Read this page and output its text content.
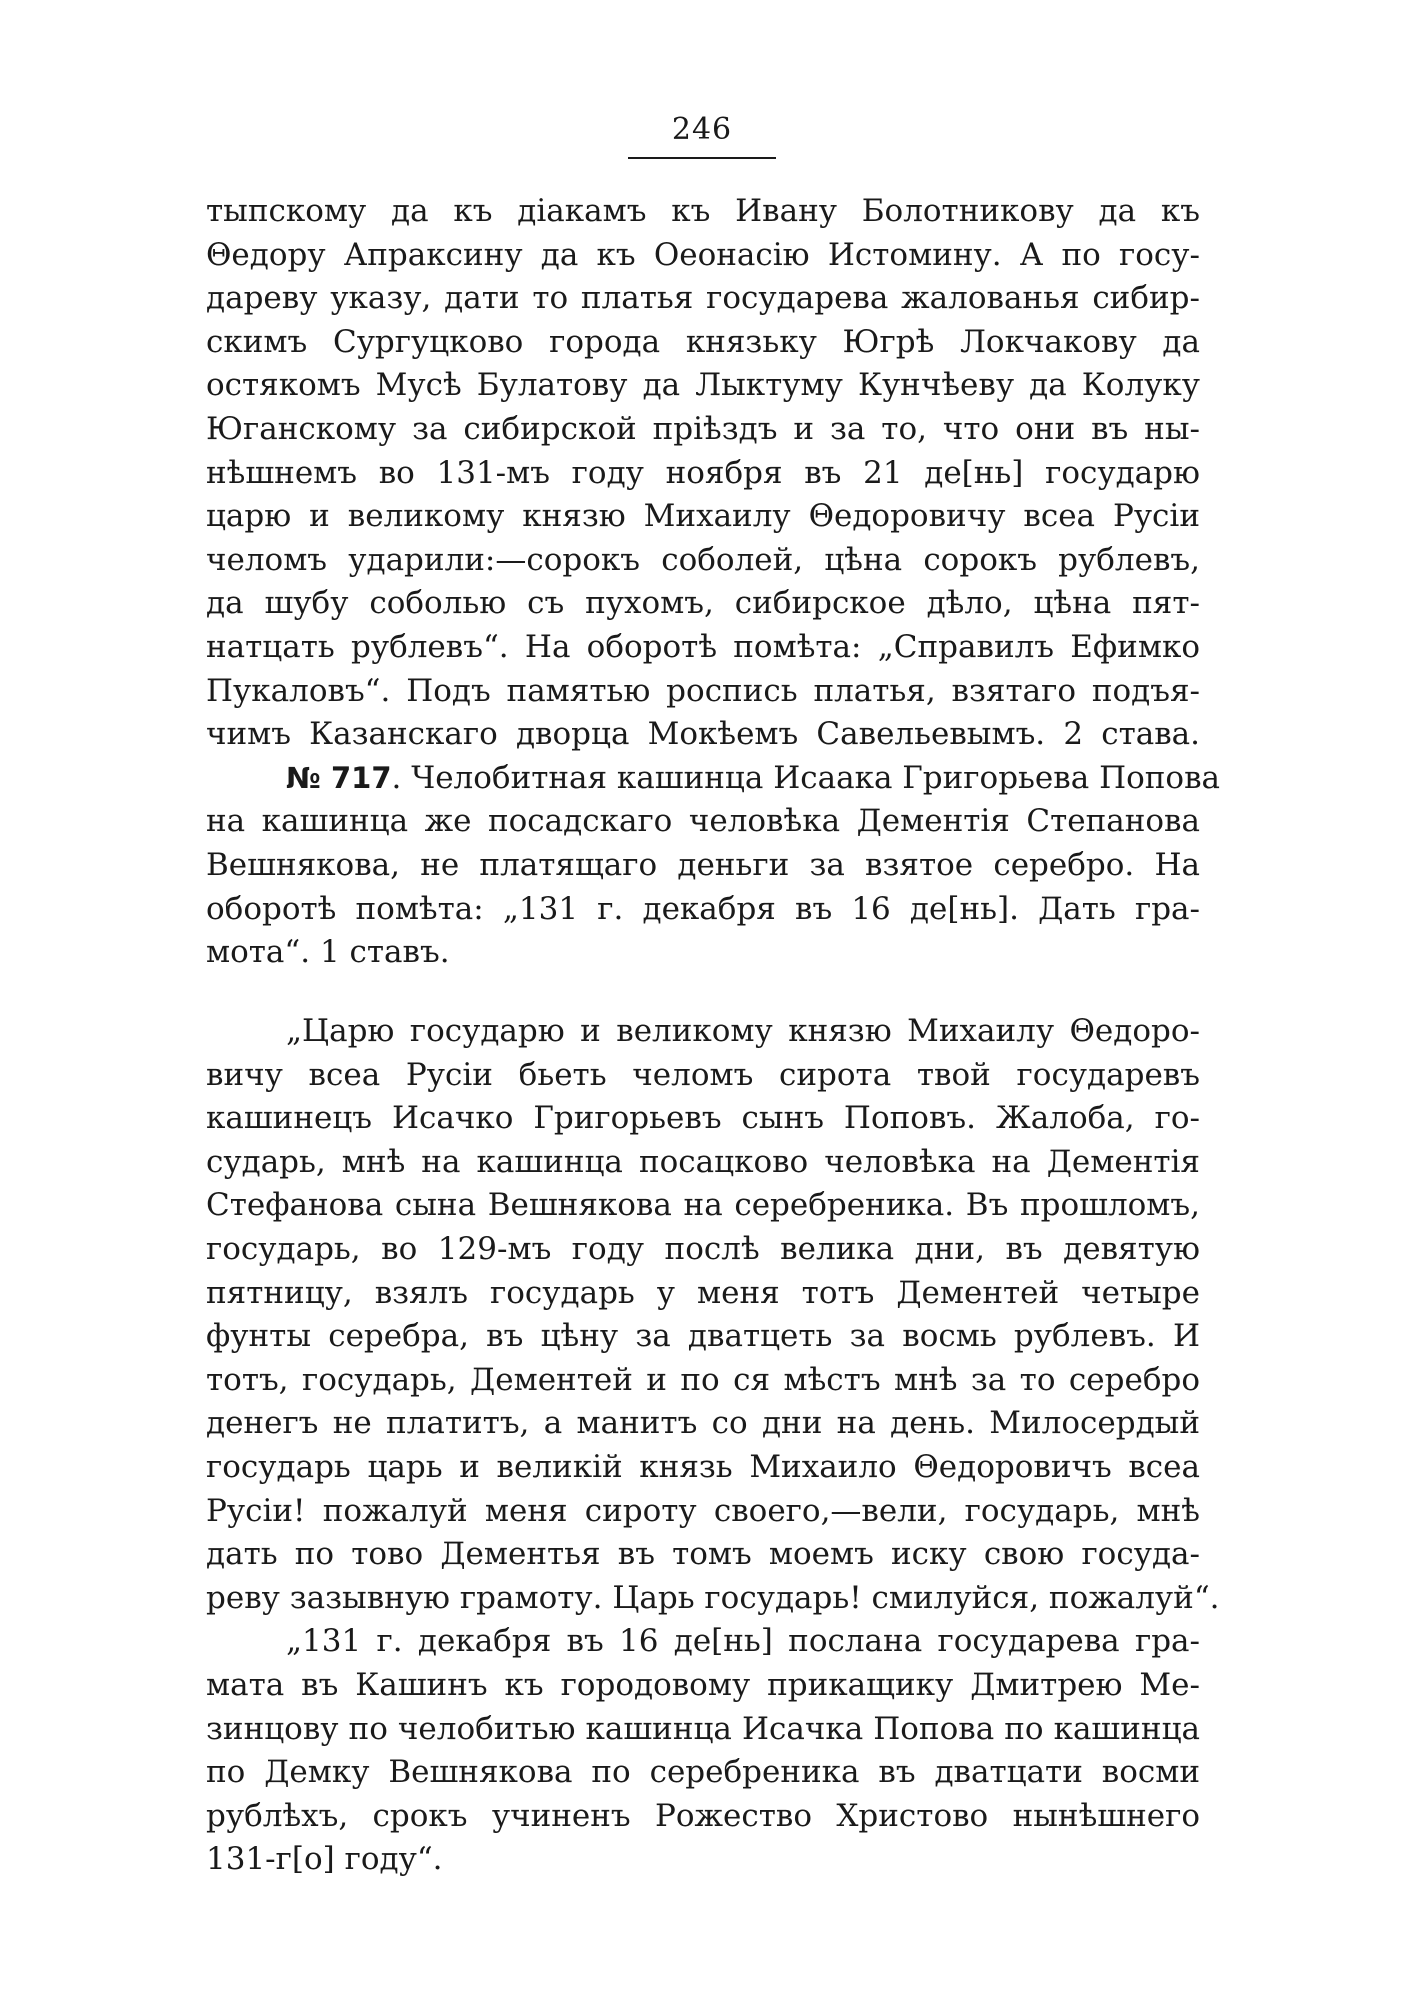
246
тыпскому да къ дiакамъ къ Ивану Болотникову да къ
Θедору Апраксину да къ Оеонасiю Истомину. А по госу-
дареву указу, дати то платья государева жалованья сибир-
скимъ Сургуцково города князьку Югрѣ Локчакову да
остякомъ Мусѣ Булатову да Лыктуму Кунчѣеву да Колуку
Юганскому за сибирской прiѣздъ и за то, что они въ ны-
нѣшнемъ во 131-мъ году ноября въ 21 де[нь] государю
царю и великому князю Михаилу Θедоровичу всеа Русiи
челомъ ударили:—сорокъ соболей, цѣна сорокъ рублевъ,
да шубу соболью съ пухомъ, сибирское дѣло, цѣна пят-
натцать рублевъ“. На оборотѣ помѣта: „Справилъ Ефимко
Пукаловъ“. Подъ памятью роспись платья, взятаго подъя-
чимъ Казанскаго дворца Мокѣемъ Савельевымъ. 2 става.
№ 717. Челобитная кашинца Исаака Григорьева Попова
на кашинца же посадскаго человѣка Дементiя Степанова
Вешнякова, не платящаго деньги за взятое серебро. На
оборотѣ помѣта: „131 г. декабря въ 16 де[нь]. Дать гра-
мота“. 1 ставъ.
„Царю государю и великому князю Михаилу Θедоро-
вичу всеа Русiи бьеть челомъ сирота твой государевъ
кашинецъ Исачко Григорьевъ сынъ Поповъ. Жалоба, го-
сударь, мнѣ на кашинца посацково человѣка на Дементiя
Стефанова сына Вешнякова на серебреника. Въ прошломъ,
государь, во 129-мъ году послѣ велика дни, въ девятую
пятницу, взялъ государь у меня тотъ Дементей четыре
фунты серебра, въ цѣну за дватцеть за восмь рублевъ. И
тотъ, государь, Дементей и по ся мѣстъ мнѣ за то серебро
денегъ не платитъ, а манитъ со дни на день. Милосердый
государь царь и великiй князь Михаило Θедоровичъ всеа
Русiи! пожалуй меня сироту своего,—вели, государь, мнѣ
дать по тово Дементья въ томъ моемъ иску свою госуда-
реву зазывную грамоту. Царь государь! смилуйся, пожалуй“.
„131 г. декабря въ 16 де[нь] послана государева гра-
мата въ Кашинъ къ городовому прикащику Дмитрею Ме-
зинцову по челобитью кашинца Исачка Попова по кашинца
по Демку Вешнякова по серебреника въ дватцати восми
рублѣхъ, срокъ учиненъ Рожество Христово нынѣшнего
131-г[о] году“.
